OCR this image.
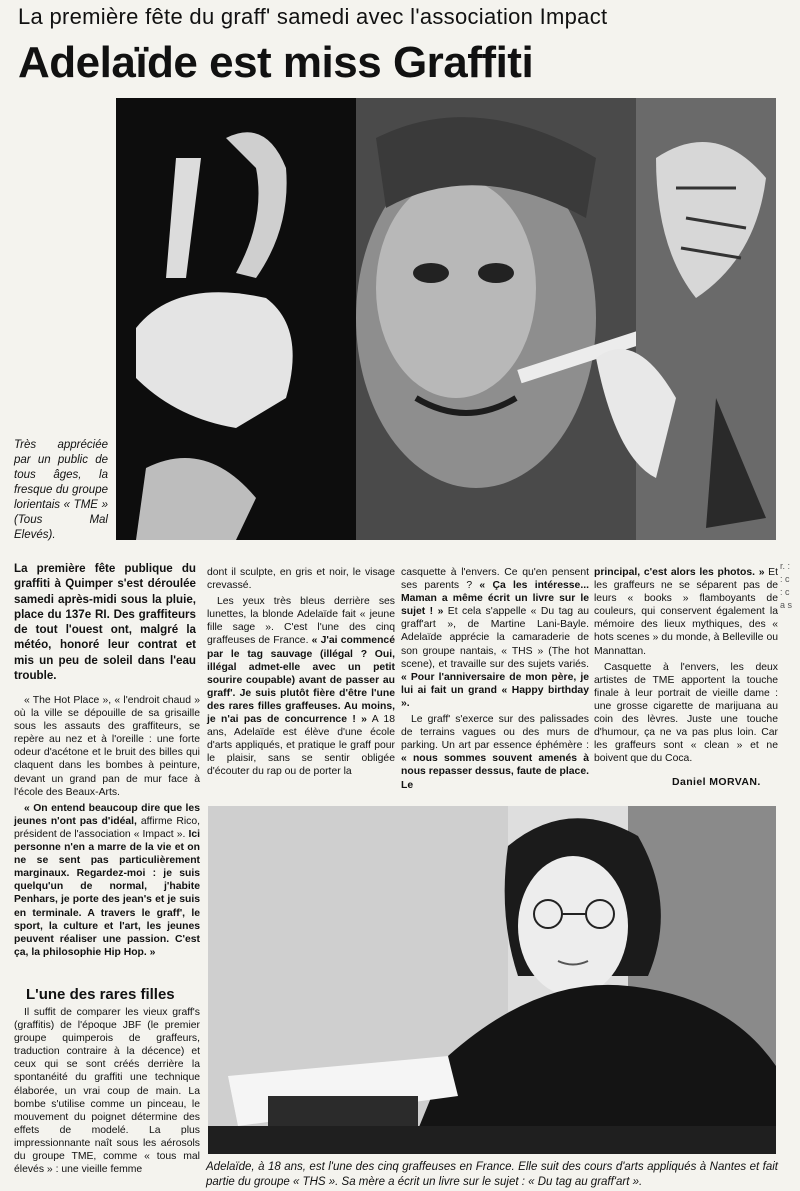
La première fête du graff' samedi avec l'association Impact
Adelaïde est miss Graffiti
Très appréciée par un public de tous âges, la fresque du groupe lorientais « TME » (Tous Mal Elevés).
La première fête publique du graffiti à Quimper s'est déroulée samedi après-midi sous la pluie, place du 137e RI. Des graffiteurs de tout l'ouest ont, malgré la météo, honoré leur contrat et mis un peu de soleil dans l'eau trouble.

« The Hot Place », « l'endroit chaud » où la ville se dépouille de sa grisaille sous les assauts des graffiteurs, se repère au nez et à l'oreille : une forte odeur d'acétone et le bruit des billes qui claquent dans les bombes à peinture, devant un grand pan de mur face à l'école des Beaux-Arts.

« On entend beaucoup dire que les jeunes n'ont pas d'idéal, affirme Rico, président de l'association « Impact ». Ici personne n'en a marre de la vie et on ne se sent pas particulièrement marginaux. Regardez-moi : je suis quelqu'un de normal, j'habite Penhars, je porte des jean's et je suis en terminale. A travers le graff', le sport, la culture et l'art, les jeunes peuvent réaliser une passion. C'est ça, la philosophie Hip Hop. »

L'une des rares filles

Il suffit de comparer les vieux graff's (graffitis) de l'époque JBF (le premier groupe quimperois de graffeurs, traduction contraire à la décence) et ceux qui se sont créés derrière la spontanéité du graffiti une technique élaborée, un vrai coup de main. La bombe s'utilise comme un pinceau, le mouvement du poignet détermine des effets de modelé. La plus impressionnante naît sous les aérosols du groupe TME, comme « tous mal élevés » : une vieille femme

dont il sculpte, en gris et noir, le visage crevassé.

Les yeux très bleus derrière ses lunettes, la blonde Adelaïde fait « jeune fille sage ». C'est l'une des cinq graffeuses de France. « J'ai commencé par le tag sauvage (illégal ? Oui, illégal admet-elle avec un petit sourire coupable) avant de passer au graff'. Je suis plutôt fière d'être l'une des rares filles graffeuses. Au moins, je n'ai pas de concurrence ! » A 18 ans, Adelaïde est élève d'une école d'arts appliqués, et pratique le graff pour le plaisir, sans se sentir obligée d'écouter du rap ou de porter la

casquette à l'envers. Ce qu'en pensent ses parents ? « Ça les intéresse... Maman a même écrit un livre sur le sujet ! » Et cela s'appelle « Du tag au graff'art », de Martine Lani-Bayle. Adelaïde apprécie la camaraderie de son groupe nantais, « THS » (The hot scene), et travaille sur des sujets variés. « Pour l'anniversaire de mon père, je lui ai fait un grand « Happy birthday ».

Le graff' s'exerce sur des palissades de terrains vagues ou des murs de parking. Un art par essence éphémère : « nous sommes souvent amenés à nous repasser dessus, faute de place. Le

principal, c'est alors les photos. » Et les graffeurs ne se séparent pas de leurs « books » flamboyants de couleurs, qui conservent également la mémoire des lieux mythiques, des « hots scenes » du monde, à Belleville ou Mannattan.

Casquette à l'envers, les deux artistes de TME apportent la touche finale à leur portrait de vieille dame : une grosse cigarette de marijuana au coin des lèvres. Juste une touche d'humour, ça ne va pas plus loin. Car les graffeurs sont « clean » et ne boivent que du Coca.

Daniel MORVAN.
r. : : c : c a s
Adelaïde, à 18 ans, est l'une des cinq graffeuses en France. Elle suit des cours d'arts appliqués à Nantes et fait partie du groupe « THS ». Sa mère a écrit un livre sur le sujet : « Du tag au graff'art ».
